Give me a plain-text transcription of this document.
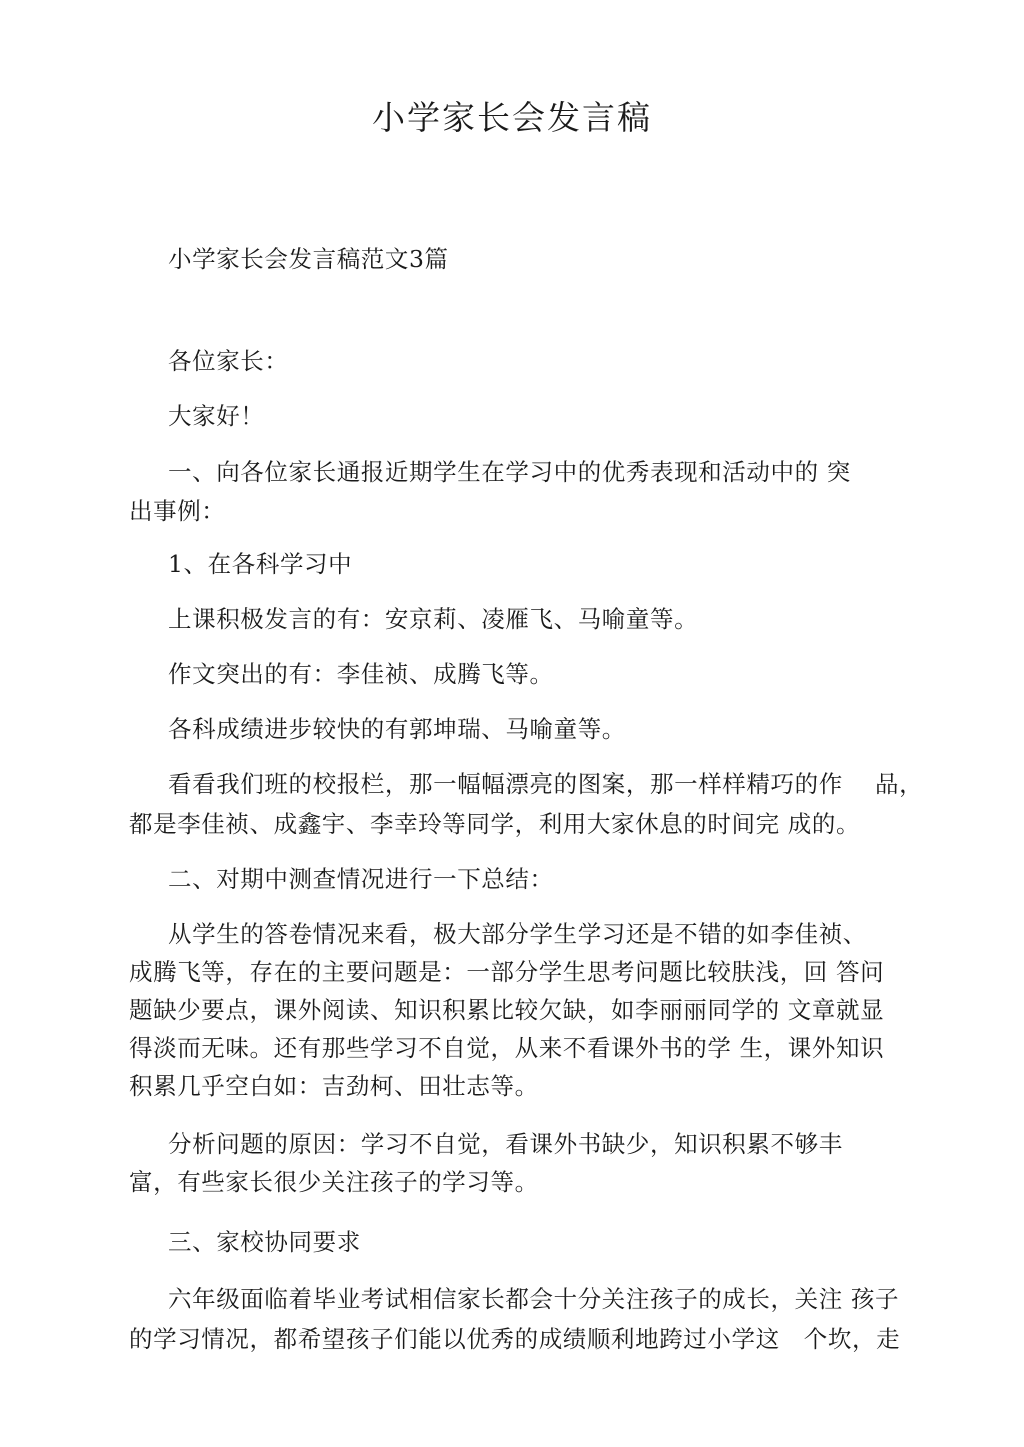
小学家长会发言稿
小学家长会发言稿范文3篇
各位家长：
大家好！
一、向各位家长通报近期学生在学习中的优秀表现和活动中的 突
出事例：
1、在各科学习中
上课积极发言的有：安京莉、凌雁飞、马喻童等。
作文突出的有：李佳祯、成腾飞等。
各科成绩进步较快的有郭坤瑞、马喻童等。
看看我们班的校报栏，那一幅幅漂亮的图案，那一样样精巧的作　 品，
都是李佳祯、成鑫宇、李幸玲等同学，利用大家休息的时间完 成的。
二、对期中测查情况进行一下总结：
从学生的答卷情况来看，极大部分学生学习还是不错的如李佳祯、
成腾飞等，存在的主要问题是：一部分学生思考问题比较肤浅，回 答问
题缺少要点，课外阅读、知识积累比较欠缺，如李丽丽同学的 文章就显
得淡而无味。还有那些学习不自觉，从来不看课外书的学 生，课外知识
积累几乎空白如：吉劲柯、田壮志等。
分析问题的原因：学习不自觉，看课外书缺少，知识积累不够丰
富，有些家长很少关注孩子的学习等。
三、家校协同要求
六年级面临着毕业考试相信家长都会十分关注孩子的成长，关注 孩子
的学习情况，都希望孩子们能以优秀的成绩顺利地跨过小学这　个坎，走
